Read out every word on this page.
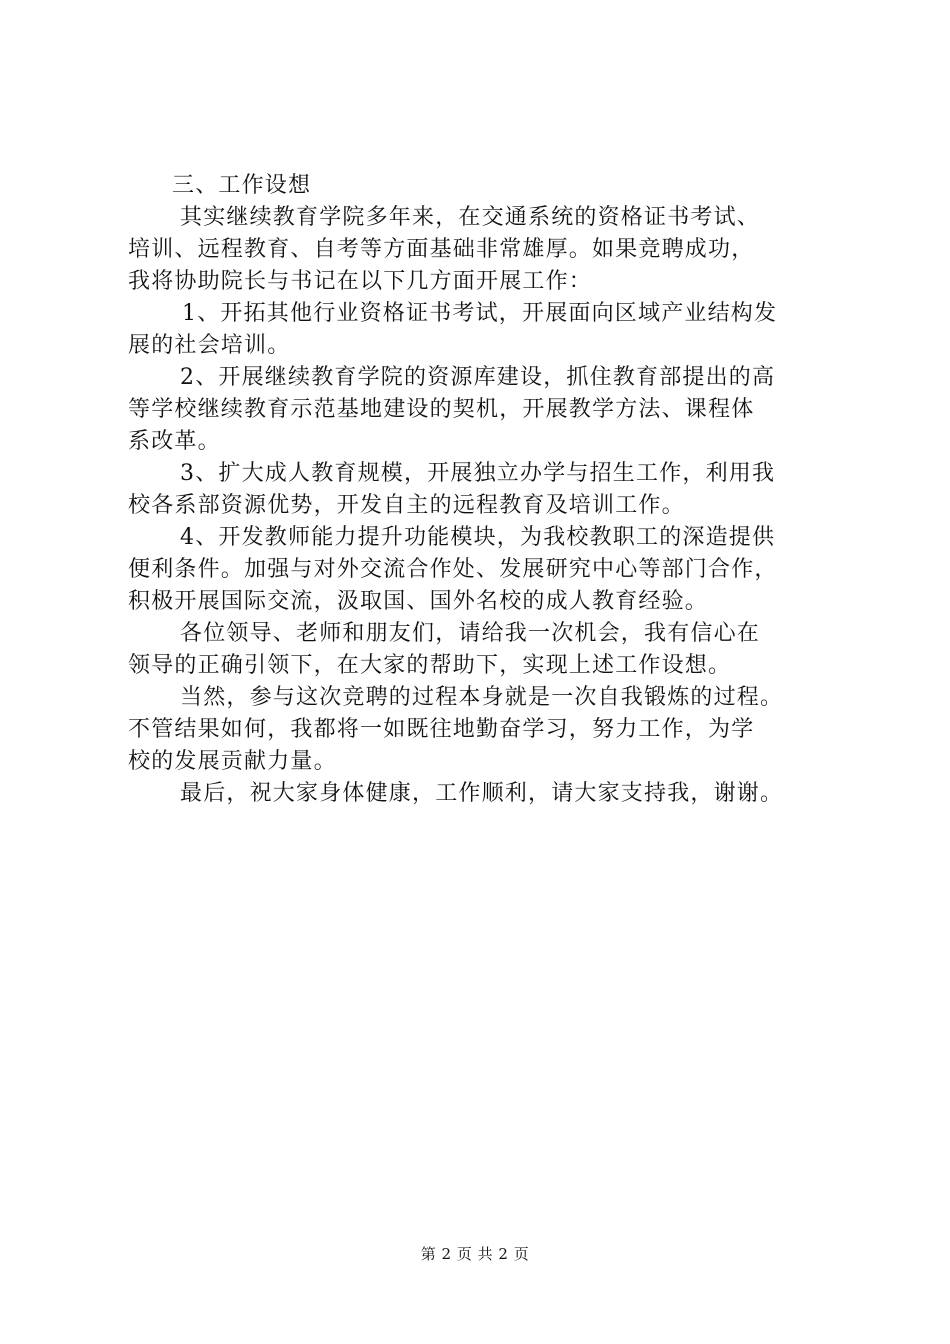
三、工作设想
其实继续教育学院多年来，在交通系统的资格证书考试、
培训、远程教育、自考等方面基础非常雄厚。如果竞聘成功，
我将协助院长与书记在以下几方面开展工作：
1、开拓其他行业资格证书考试，开展面向区域产业结构发
展的社会培训。
2、开展继续教育学院的资源库建设，抓住教育部提出的高
等学校继续教育示范基地建设的契机，开展教学方法、课程体
系改革。
3、扩大成人教育规模，开展独立办学与招生工作，利用我
校各系部资源优势，开发自主的远程教育及培训工作。
4、开发教师能力提升功能模块，为我校教职工的深造提供
便利条件。加强与对外交流合作处、发展研究中心等部门合作，
积极开展国际交流，汲取国、国外名校的成人教育经验。
各位领导、老师和朋友们，请给我一次机会，我有信心在
领导的正确引领下，在大家的帮助下，实现上述工作设想。
当然，参与这次竞聘的过程本身就是一次自我锻炼的过程。
不管结果如何，我都将一如既往地勤奋学习，努力工作，为学
校的发展贡献力量。
最后，祝大家身体健康，工作顺利，请大家支持我，谢谢。
第 2 页 共 2 页
